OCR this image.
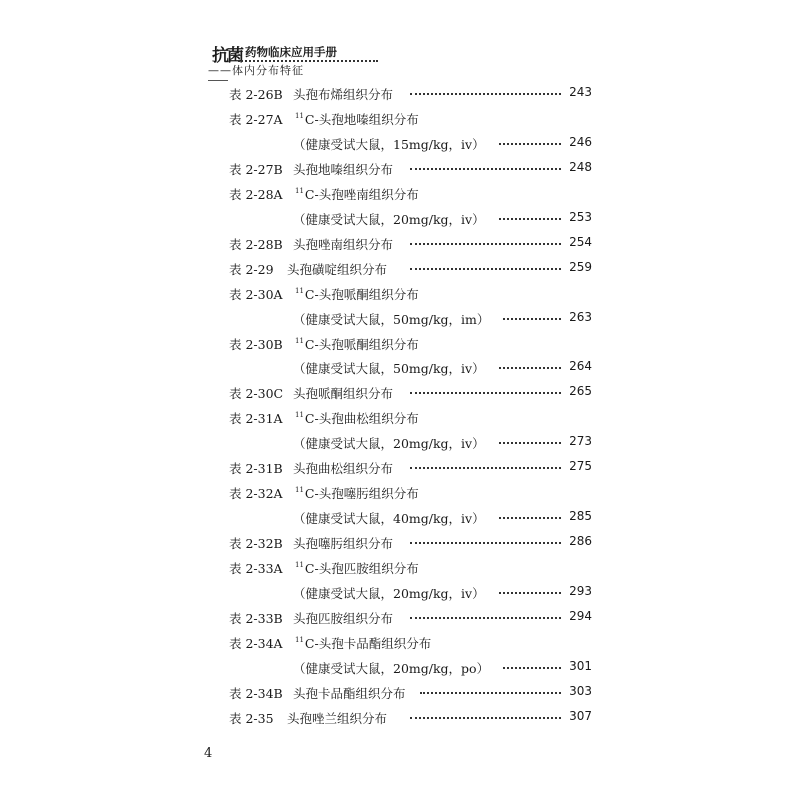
抗菌 药物临床应用手册
——体内分布特征
表 2-26B 头孢布烯组织分布	243
表 2-27A $^{11}$C-头孢地嗪组织分布
（健康受试大鼠，15mg/kg，iv）	246
表 2-27B 头孢地嗪组织分布	248
表 2-28A $^{11}$C-头孢唑南组织分布
（健康受试大鼠，20mg/kg，iv）	253
表 2-28B 头孢唑南组织分布	254
表 2-29 头孢磺啶组织分布	259
表 2-30A $^{11}$C-头孢哌酮组织分布
（健康受试大鼠，50mg/kg，im）	263
表 2-30B $^{11}$C-头孢哌酮组织分布
（健康受试大鼠，50mg/kg，iv）	264
表 2-30C 头孢哌酮组织分布	265
表 2-31A $^{11}$C-头孢曲松组织分布
（健康受试大鼠，20mg/kg，iv）	273
表 2-31B 头孢曲松组织分布	275
表 2-32A $^{11}$C-头孢噻肟组织分布
（健康受试大鼠，40mg/kg，iv）	285
表 2-32B 头孢噻肟组织分布	286
表 2-33A $^{11}$C-头孢匹胺组织分布
（健康受试大鼠，20mg/kg，iv）	293
表 2-33B 头孢匹胺组织分布	294
表 2-34A $^{11}$C-头孢卡品酯组织分布
（健康受试大鼠，20mg/kg，po）	301
表 2-34B 头孢卡品酯组织分布	303
表 2-35 头孢唑兰组织分布	307
4
